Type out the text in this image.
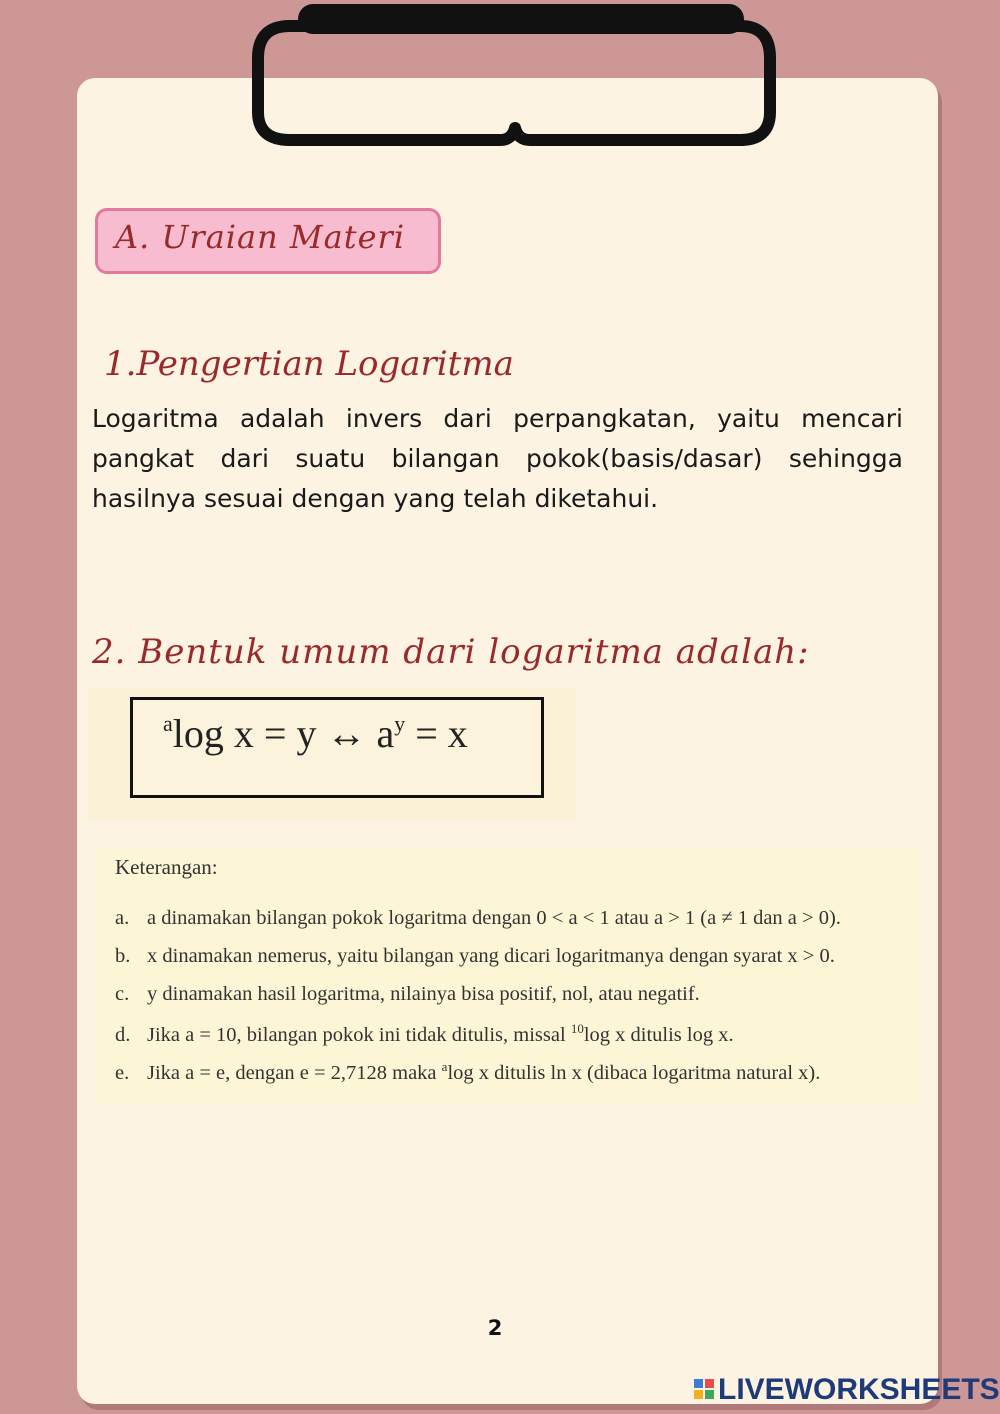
A. Uraian Materi
1.Pengertian Logaritma

Logaritma adalah invers dari perpangkatan, yaitu mencari pangkat dari suatu bilangan pokok(basis/dasar) sehingga hasilnya sesuai dengan yang telah diketahui.

2. Bentuk umum dari logaritma adalah:
$^a$log x = y ↔ $a^y = x$
Keterangan:
a. a dinamakan bilangan pokok logaritma dengan 0 < a < 1 atau a > 1 (a ≠ 1 dan a > 0).
b. x dinamakan nemerus, yaitu bilangan yang dicari logaritmanya dengan syarat x > 0.
c. y dinamakan hasil logaritma, nilainya bisa positif, nol, atau negatif.
d. Jika a = 10, bilangan pokok ini tidak ditulis, missal $^{10}$log x ditulis log x.
e. Jika a = e, dengan e = 2,7128 maka $^a$log x ditulis ln x (dibaca logaritma natural x).
2
LIVEWORKSHEETS
